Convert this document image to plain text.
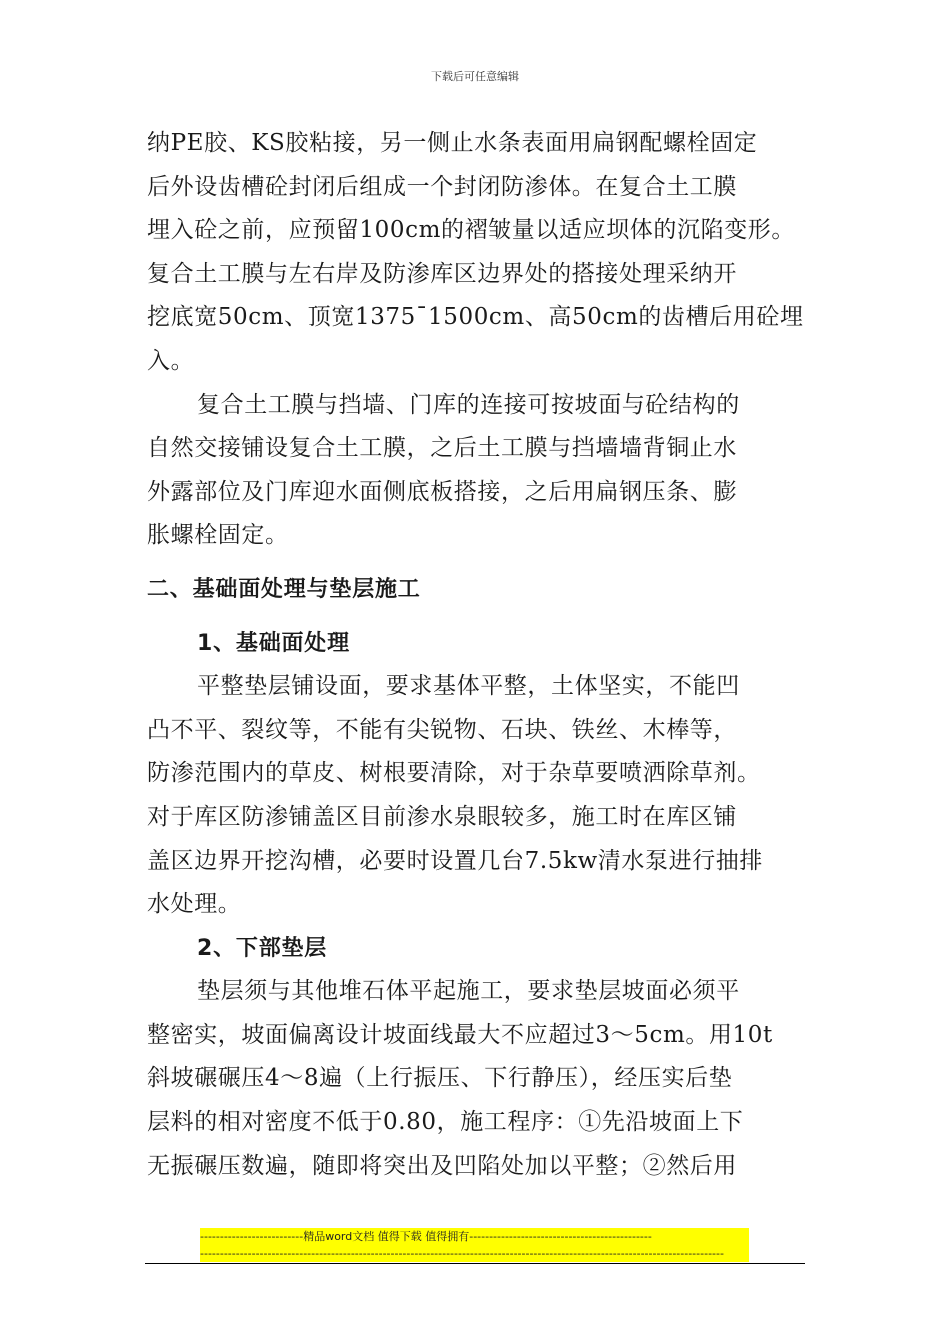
下载后可任意编辑
纳PE胶、KS胶粘接，另一侧止水条表面用扁钢配螺栓固定
后外设齿槽砼封闭后组成一个封闭防渗体。在复合土工膜
埋入砼之前，应预留100cm的褶皱量以适应坝体的沉陷变形。
复合土工膜与左右岸及防渗库区边界处的搭接处理采纳开
挖底宽50cm、顶宽1375¯1500cm、高50cm的齿槽后用砼埋
入。
复合土工膜与挡墙、门库的连接可按坡面与砼结构的
自然交接铺设复合土工膜，之后土工膜与挡墙墙背铜止水
外露部位及门库迎水面侧底板搭接，之后用扁钢压条、膨
胀螺栓固定。
二、基础面处理与垫层施工
1、基础面处理
平整垫层铺设面，要求基体平整，土体坚实，不能凹
凸不平、裂纹等，不能有尖锐物、石块、铁丝、木棒等，
防渗范围内的草皮、树根要清除，对于杂草要喷洒除草剂。
对于库区防渗铺盖区目前渗水泉眼较多，施工时在库区铺
盖区边界开挖沟槽，必要时设置几台7.5kw清水泵进行抽排
水处理。
2、下部垫层
垫层须与其他堆石体平起施工，要求垫层坡面必须平
整密实，坡面偏离设计坡面线最大不应超过3～5cm。用10t
斜坡碾碾压4～8遍（上行振压、下行静压），经压实后垫
层料的相对密度不低于0.80，施工程序：①先沿坡面上下
无振碾压数遍，随即将突出及凹陷处加以平整；②然后用
--------------------------精品word文档 值得下载 值得拥有----------------------------------------------
------------------------------------------------------------------------------------------------------------------------------------
